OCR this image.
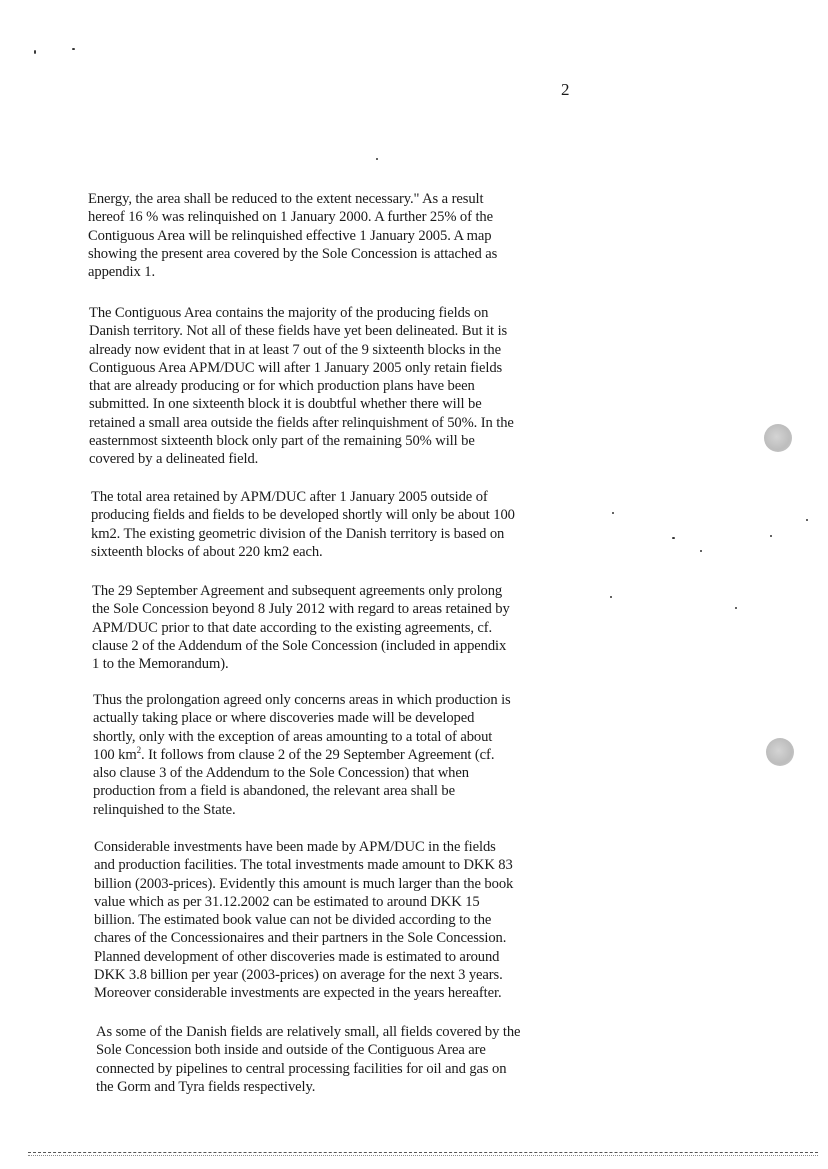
2
Energy, the area shall be reduced to the extent necessary." As a result
hereof 16 % was relinquished on 1 January 2000. A further 25% of the
Contiguous Area will be relinquished effective 1 January 2005. A map
showing the present area covered by the Sole Concession is attached as
appendix 1.
The Contiguous Area contains the majority of the producing fields on
Danish territory. Not all of these fields have yet been delineated. But it is
already now evident that in at least 7 out of the 9 sixteenth blocks in the
Contiguous Area APM/DUC will after 1 January 2005 only retain fields
that are already producing or for which production plans have been
submitted. In one sixteenth block it is doubtful whether there will be
retained a small area outside the fields after relinquishment of 50%. In the
easternmost sixteenth block only part of the remaining 50% will be
covered by a delineated field.
The total area retained by APM/DUC after 1 January 2005 outside of
producing fields and fields to be developed shortly will only be about 100
km2. The existing geometric division of the Danish territory is based on
sixteenth blocks of about 220 km2 each.
The 29 September Agreement and subsequent agreements only prolong
the Sole Concession beyond 8 July 2012 with regard to areas retained by
APM/DUC prior to that date according to the existing agreements, cf.
clause 2 of the Addendum of the Sole Concession (included in appendix
1 to the Memorandum).
Thus the prolongation agreed only concerns areas in which production is
actually taking place or where discoveries made will be developed
shortly, only with the exception of areas amounting to a total of about
100 $km^2$. It follows from clause 2 of the 29 September Agreement (cf.
also clause 3 of the Addendum to the Sole Concession) that when
production from a field is abandoned, the relevant area shall be
relinquished to the State.
Considerable investments have been made by APM/DUC in the fields
and production facilities. The total investments made amount to DKK 83
billion (2003-prices). Evidently this amount is much larger than the book
value which as per 31.12.2002 can be estimated to around DKK 15
billion. The estimated book value can not be divided according to the
chares of the Concessionaires and their partners in the Sole Concession.
Planned development of other discoveries made is estimated to around
DKK 3.8 billion per year (2003-prices) on average for the next 3 years.
Moreover considerable investments are expected in the years hereafter.
As some of the Danish fields are relatively small, all fields covered by the
Sole Concession both inside and outside of the Contiguous Area are
connected by pipelines to central processing facilities for oil and gas on
the Gorm and Tyra fields respectively.
